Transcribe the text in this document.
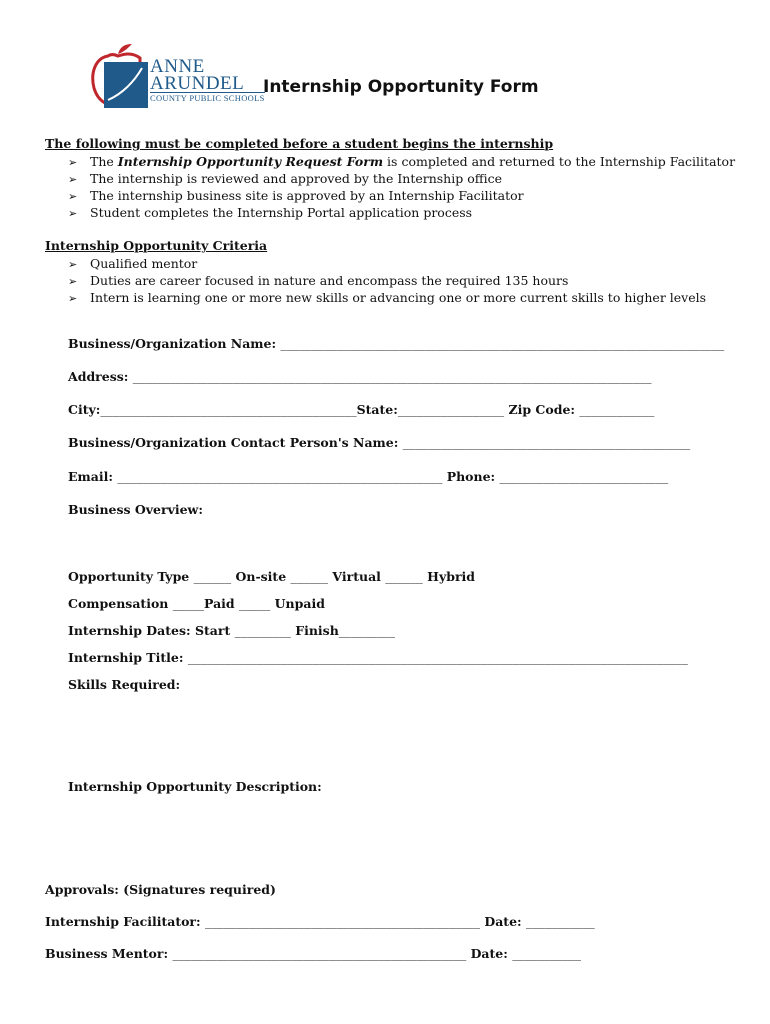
ANNE
ARUNDEL
COUNTY PUBLIC SCHOOLS
Internship Opportunity Form
The following must be completed before a student begins the internship
➢ The Internship Opportunity Request Form is completed and returned to the Internship Facilitator
➢ The internship is reviewed and approved by the Internship office
➢ The internship business site is approved by an Internship Facilitator
➢ Student completes the Internship Portal application process
Internship Opportunity Criteria
➢ Qualified mentor
➢ Duties are career focused in nature and encompass the required 135 hours
➢ Intern is learning one or more new skills or advancing one or more current skills to higher levels
Business/Organization Name: _______________________________________________________________________
Address: ___________________________________________________________________________________
City:_________________________________________State:_________________ Zip Code: ____________
Business/Organization Contact Person's Name: ______________________________________________
Email: ____________________________________________________ Phone: ___________________________
Business Overview:
Opportunity Type ______ On-site ______ Virtual ______ Hybrid
Compensation _____Paid _____ Unpaid
Internship Dates: Start _________ Finish_________
Internship Title: ________________________________________________________________________________
Skills Required:
Internship Opportunity Description:
Approvals: (Signatures required)
Internship Facilitator: ____________________________________________ Date: ___________
Business Mentor: _______________________________________________ Date: ___________
